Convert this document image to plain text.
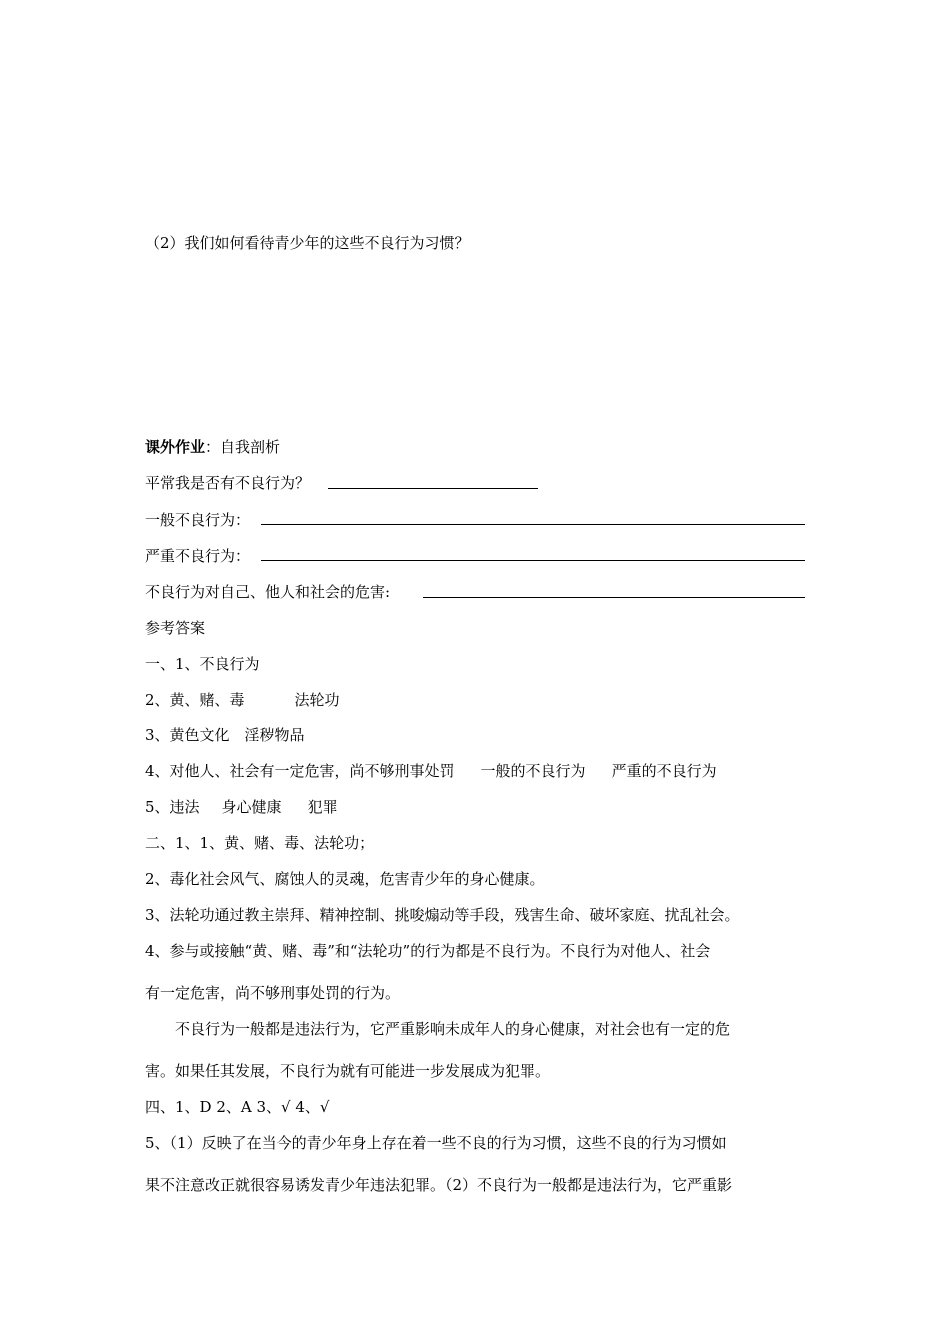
（2）我们如何看待青少年的这些不良行为习惯？
课外作业：自我剖析
平常我是否有不良行为？
一般不良行为：
严重不良行为：
不良行为对自己、他人和社会的危害:
参考答案
一、1、不良行为
2、黄、赌、毒	法轮功
3、黄色文化 淫秽物品
4、对他人、社会有一定危害，尚不够刑事处罚 一般的不良行为 严重的不良行为
5、违法 身心健康 犯罪
二、1、1、黄、赌、毒、法轮功；
2、毒化社会风气、腐蚀人的灵魂，危害青少年的身心健康。
3、法轮功通过教主崇拜、精神控制、挑唆煽动等手段，残害生命、破坏家庭、扰乱社会。
4、参与或接触“黄、赌、毒”和“法轮功”的行为都是不良行为。不良行为对他人、社会
有一定危害，尚不够刑事处罚的行为。
不良行为一般都是违法行为，它严重影响未成年人的身心健康，对社会也有一定的危
害。如果任其发展，不良行为就有可能进一步发展成为犯罪。
四、1、D 2、A 3、√ 4、√
5、（1）反映了在当今的青少年身上存在着一些不良的行为习惯，这些不良的行为习惯如
果不注意改正就很容易诱发青少年违法犯罪。（2）不良行为一般都是违法行为，它严重影
